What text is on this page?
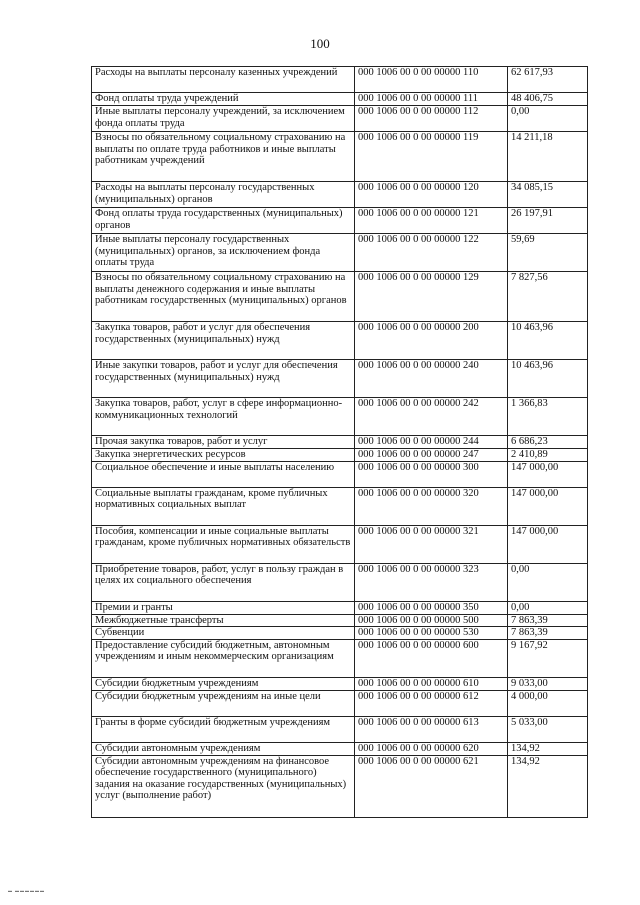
100
Расходы на выплаты персоналу казенных учреждений	000 1006 00 0 00 00000 110	62 617,93
Фонд оплаты труда учреждений	000 1006 00 0 00 00000 111	48 406,75
Иные выплаты персоналу учреждений, за исключением фонда оплаты труда	000 1006 00 0 00 00000 112	0,00
Взносы по обязательному социальному страхованию на выплаты по оплате труда работников и иные выплаты работникам учреждений	000 1006 00 0 00 00000 119	14 211,18
Расходы на выплаты персоналу государственных (муниципальных) органов	000 1006 00 0 00 00000 120	34 085,15
Фонд оплаты труда государственных (муниципальных) органов	000 1006 00 0 00 00000 121	26 197,91
Иные выплаты персоналу государственных (муниципальных) органов, за исключением фонда оплаты труда	000 1006 00 0 00 00000 122	59,69
Взносы по обязательному социальному страхованию на выплаты денежного содержания и иные выплаты работникам государственных (муниципальных) органов	000 1006 00 0 00 00000 129	7 827,56
Закупка товаров, работ и услуг для обеспечения государственных (муниципальных) нужд	000 1006 00 0 00 00000 200	10 463,96
Иные закупки товаров, работ и услуг для обеспечения государственных (муниципальных) нужд	000 1006 00 0 00 00000 240	10 463,96
Закупка товаров, работ, услуг в сфере информационно-коммуникационных технологий	000 1006 00 0 00 00000 242	1 366,83
Прочая закупка товаров, работ и услуг	000 1006 00 0 00 00000 244	6 686,23
Закупка энергетических ресурсов	000 1006 00 0 00 00000 247	2 410,89
Социальное обеспечение и иные выплаты населению	000 1006 00 0 00 00000 300	147 000,00
Социальные выплаты гражданам, кроме публичных нормативных социальных выплат	000 1006 00 0 00 00000 320	147 000,00
Пособия, компенсации и иные социальные выплаты гражданам, кроме публичных нормативных обязательств	000 1006 00 0 00 00000 321	147 000,00
Приобретение товаров, работ, услуг в пользу граждан в целях их социального обеспечения	000 1006 00 0 00 00000 323	0,00
Премии и гранты	000 1006 00 0 00 00000 350	0,00
Межбюджетные трансферты	000 1006 00 0 00 00000 500	7 863,39
Субвенции	000 1006 00 0 00 00000 530	7 863,39
Предоставление субсидий бюджетным, автономным учреждениям и иным некоммерческим организациям	000 1006 00 0 00 00000 600	9 167,92
Субсидии бюджетным учреждениям	000 1006 00 0 00 00000 610	9 033,00
Субсидии бюджетным учреждениям на иные цели	000 1006 00 0 00 00000 612	4 000,00
Гранты в форме субсидий бюджетным учреждениям	000 1006 00 0 00 00000 613	5 033,00
Субсидии автономным учреждениям	000 1006 00 0 00 00000 620	134,92
Субсидии автономным учреждениям на финансовое обеспечение государственного (муниципального) задания на оказание государственных (муниципальных) услуг (выполнение работ)	000 1006 00 0 00 00000 621	134,92
▬ ▬▬▬▬▬▬
